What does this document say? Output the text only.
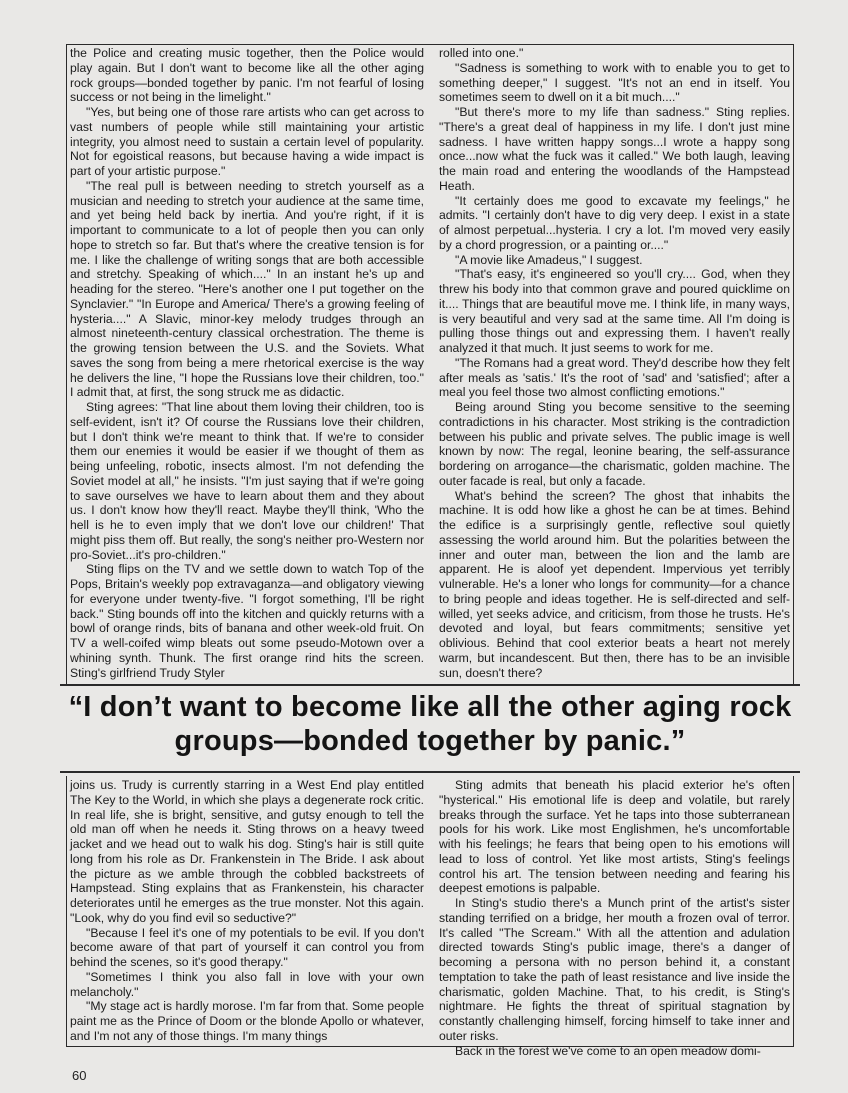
the Police and creating music together, then the Police would play again. But I don't want to become like all the other aging rock groups—bonded together by panic. I'm not fearful of losing success or not being in the limelight."

"Yes, but being one of those rare artists who can get across to vast numbers of people while still maintaining your artistic integrity, you almost need to sustain a certain level of popularity. Not for egoistical reasons, but because having a wide impact is part of your artistic purpose."

"The real pull is between needing to stretch yourself as a musician and needing to stretch your audience at the same time, and yet being held back by inertia. And you're right, if it is important to communicate to a lot of people then you can only hope to stretch so far. But that's where the creative tension is for me. I like the challenge of writing songs that are both accessible and stretchy. Speaking of which...." In an instant he's up and heading for the stereo. "Here's another one I put together on the Synclavier." "In Europe and America/ There's a growing feeling of hysteria...." A Slavic, minor-key melody trudges through an almost nineteenth-century classical orchestration. The theme is the growing tension between the U.S. and the Soviets. What saves the song from being a mere rhetorical exercise is the way he delivers the line, "I hope the Russians love their children, too." I admit that, at first, the song struck me as didactic.

Sting agrees: "That line about them loving their children, too is self-evident, isn't it? Of course the Russians love their children, but I don't think we're meant to think that. If we're to consider them our enemies it would be easier if we thought of them as being unfeeling, robotic, insects almost. I'm not defending the Soviet model at all," he insists. "I'm just saying that if we're going to save ourselves we have to learn about them and they about us. I don't know how they'll react. Maybe they'll think, 'Who the hell is he to even imply that we don't love our children!' That might piss them off. But really, the song's neither pro-Western nor pro-Soviet...it's pro-children."

Sting flips on the TV and we settle down to watch Top of the Pops, Britain's weekly pop extravaganza—and obligatory viewing for everyone under twenty-five. "I forgot something, I'll be right back." Sting bounds off into the kitchen and quickly returns with a bowl of orange rinds, bits of banana and other week-old fruit. On TV a well-coifed wimp bleats out some pseudo-Motown over a whining synth. Thunk. The first orange rind hits the screen. Sting's girlfriend Trudy Styler

rolled into one."

"Sadness is something to work with to enable you to get to something deeper," I suggest. "It's not an end in itself. You sometimes seem to dwell on it a bit much...."

"But there's more to my life than sadness." Sting replies. "There's a great deal of happiness in my life. I don't just mine sadness. I have written happy songs...I wrote a happy song once...now what the fuck was it called." We both laugh, leaving the main road and entering the woodlands of the Hampstead Heath.

"It certainly does me good to excavate my feelings," he admits. "I certainly don't have to dig very deep. I exist in a state of almost perpetual...hysteria. I cry a lot. I'm moved very easily by a chord progression, or a painting or...."

"A movie like Amadeus," I suggest.

"That's easy, it's engineered so you'll cry.... God, when they threw his body into that common grave and poured quicklime on it.... Things that are beautiful move me. I think life, in many ways, is very beautiful and very sad at the same time. All I'm doing is pulling those things out and expressing them. I haven't really analyzed it that much. It just seems to work for me.

"The Romans had a great word. They'd describe how they felt after meals as 'satis.' It's the root of 'sad' and 'satisfied'; after a meal you feel those two almost conflicting emotions."

Being around Sting you become sensitive to the seeming contradictions in his character. Most striking is the contradiction between his public and private selves. The public image is well known by now: The regal, leonine bearing, the self-assurance bordering on arrogance—the charismatic, golden machine. The outer facade is real, but only a facade.

What's behind the screen? The ghost that inhabits the machine. It is odd how like a ghost he can be at times. Behind the edifice is a surprisingly gentle, reflective soul quietly assessing the world around him. But the polarities between the inner and outer man, between the lion and the lamb are apparent. He is aloof yet dependent. Impervious yet terribly vulnerable. He's a loner who longs for community—for a chance to bring people and ideas together. He is self-directed and self-willed, yet seeks advice, and criticism, from those he trusts. He's devoted and loyal, but fears commitments; sensitive yet oblivious. Behind that cool exterior beats a heart not merely warm, but incandescent. But then, there has to be an invisible sun, doesn't there?

“I don’t want to become like all the other aging rock groups—bonded together by panic.”

joins us. Trudy is currently starring in a West End play entitled The Key to the World, in which she plays a degenerate rock critic. In real life, she is bright, sensitive, and gutsy enough to tell the old man off when he needs it. Sting throws on a heavy tweed jacket and we head out to walk his dog. Sting's hair is still quite long from his role as Dr. Frankenstein in The Bride. I ask about the picture as we amble through the cobbled backstreets of Hampstead. Sting explains that as Frankenstein, his character deteriorates until he emerges as the true monster. Not this again. "Look, why do you find evil so seductive?"

"Because I feel it's one of my potentials to be evil. If you don't become aware of that part of yourself it can control you from behind the scenes, so it's good therapy."

"Sometimes I think you also fall in love with your own melancholy."

"My stage act is hardly morose. I'm far from that. Some people paint me as the Prince of Doom or the blonde Apollo or whatever, and I'm not any of those things. I'm many things

Sting admits that beneath his placid exterior he's often "hysterical." His emotional life is deep and volatile, but rarely breaks through the surface. Yet he taps into those subterranean pools for his work. Like most Englishmen, he's uncomfortable with his feelings; he fears that being open to his emotions will lead to loss of control. Yet like most artists, Sting's feelings control his art. The tension between needing and fearing his deepest emotions is palpable.

In Sting's studio there's a Munch print of the artist's sister standing terrified on a bridge, her mouth a frozen oval of terror. It's called "The Scream." With all the attention and adulation directed towards Sting's public image, there's a danger of becoming a persona with no person behind it, a constant temptation to take the path of least resistance and live inside the charismatic, golden Machine. That, to his credit, is Sting's nightmare. He fights the threat of spiritual stagnation by constantly challenging himself, forcing himself to take inner and outer risks.

Back in the forest we've come to an open meadow domi-

60
